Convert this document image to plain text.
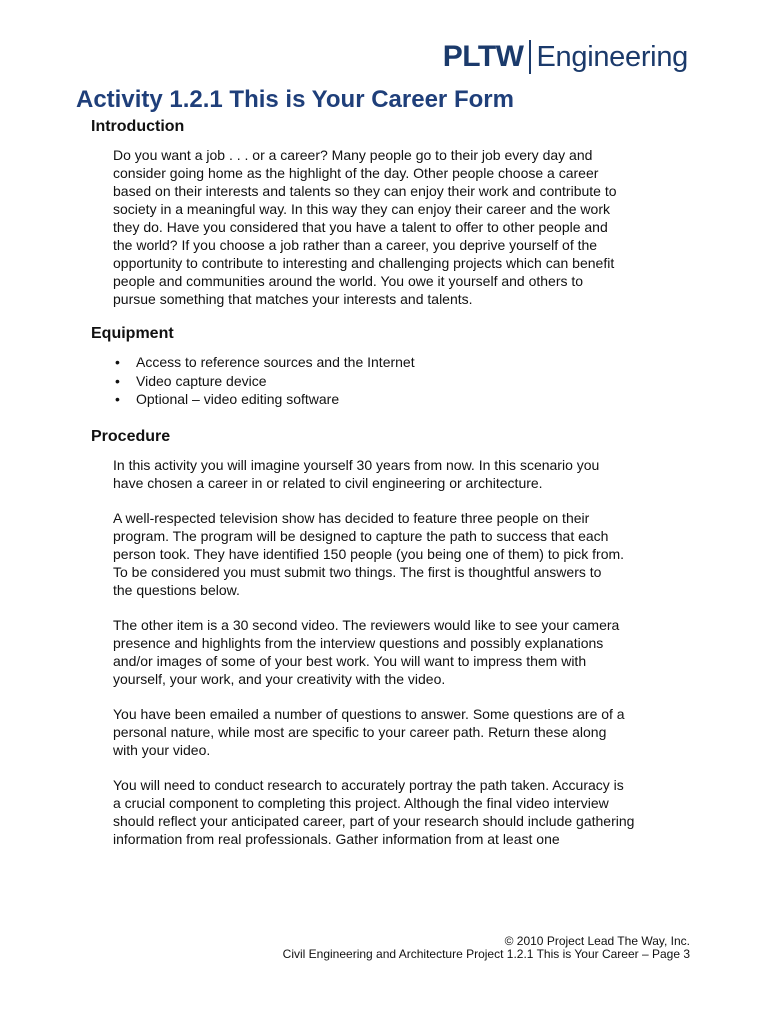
PLTW Engineering
Activity 1.2.1 This is Your Career Form
Introduction

Do you want a job . . . or a career? Many people go to their job every day and
consider going home as the highlight of the day. Other people choose a career
based on their interests and talents so they can enjoy their work and contribute to
society in a meaningful way. In this way they can enjoy their career and the work
they do. Have you considered that you have a talent to offer to other people and
the world? If you choose a job rather than a career, you deprive yourself of the
opportunity to contribute to interesting and challenging projects which can benefit
people and communities around the world. You owe it yourself and others to
pursue something that matches your interests and talents.

Equipment
• Access to reference sources and the Internet
• Video capture device
• Optional – video editing software
Procedure

In this activity you will imagine yourself 30 years from now. In this scenario you
have chosen a career in or related to civil engineering or architecture.

A well-respected television show has decided to feature three people on their
program. The program will be designed to capture the path to success that each
person took. They have identified 150 people (you being one of them) to pick from.
To be considered you must submit two things. The first is thoughtful answers to
the questions below.

The other item is a 30 second video. The reviewers would like to see your camera
presence and highlights from the interview questions and possibly explanations
and/or images of some of your best work. You will want to impress them with
yourself, your work, and your creativity with the video.

You have been emailed a number of questions to answer. Some questions are of a
personal nature, while most are specific to your career path. Return these along
with your video.

You will need to conduct research to accurately portray the path taken. Accuracy is
a crucial component to completing this project. Although the final video interview
should reflect your anticipated career, part of your research should include gathering
information from real professionals. Gather information from at least one

© 2010 Project Lead The Way, Inc.
Civil Engineering and Architecture Project 1.2.1 This is Your Career – Page 3
